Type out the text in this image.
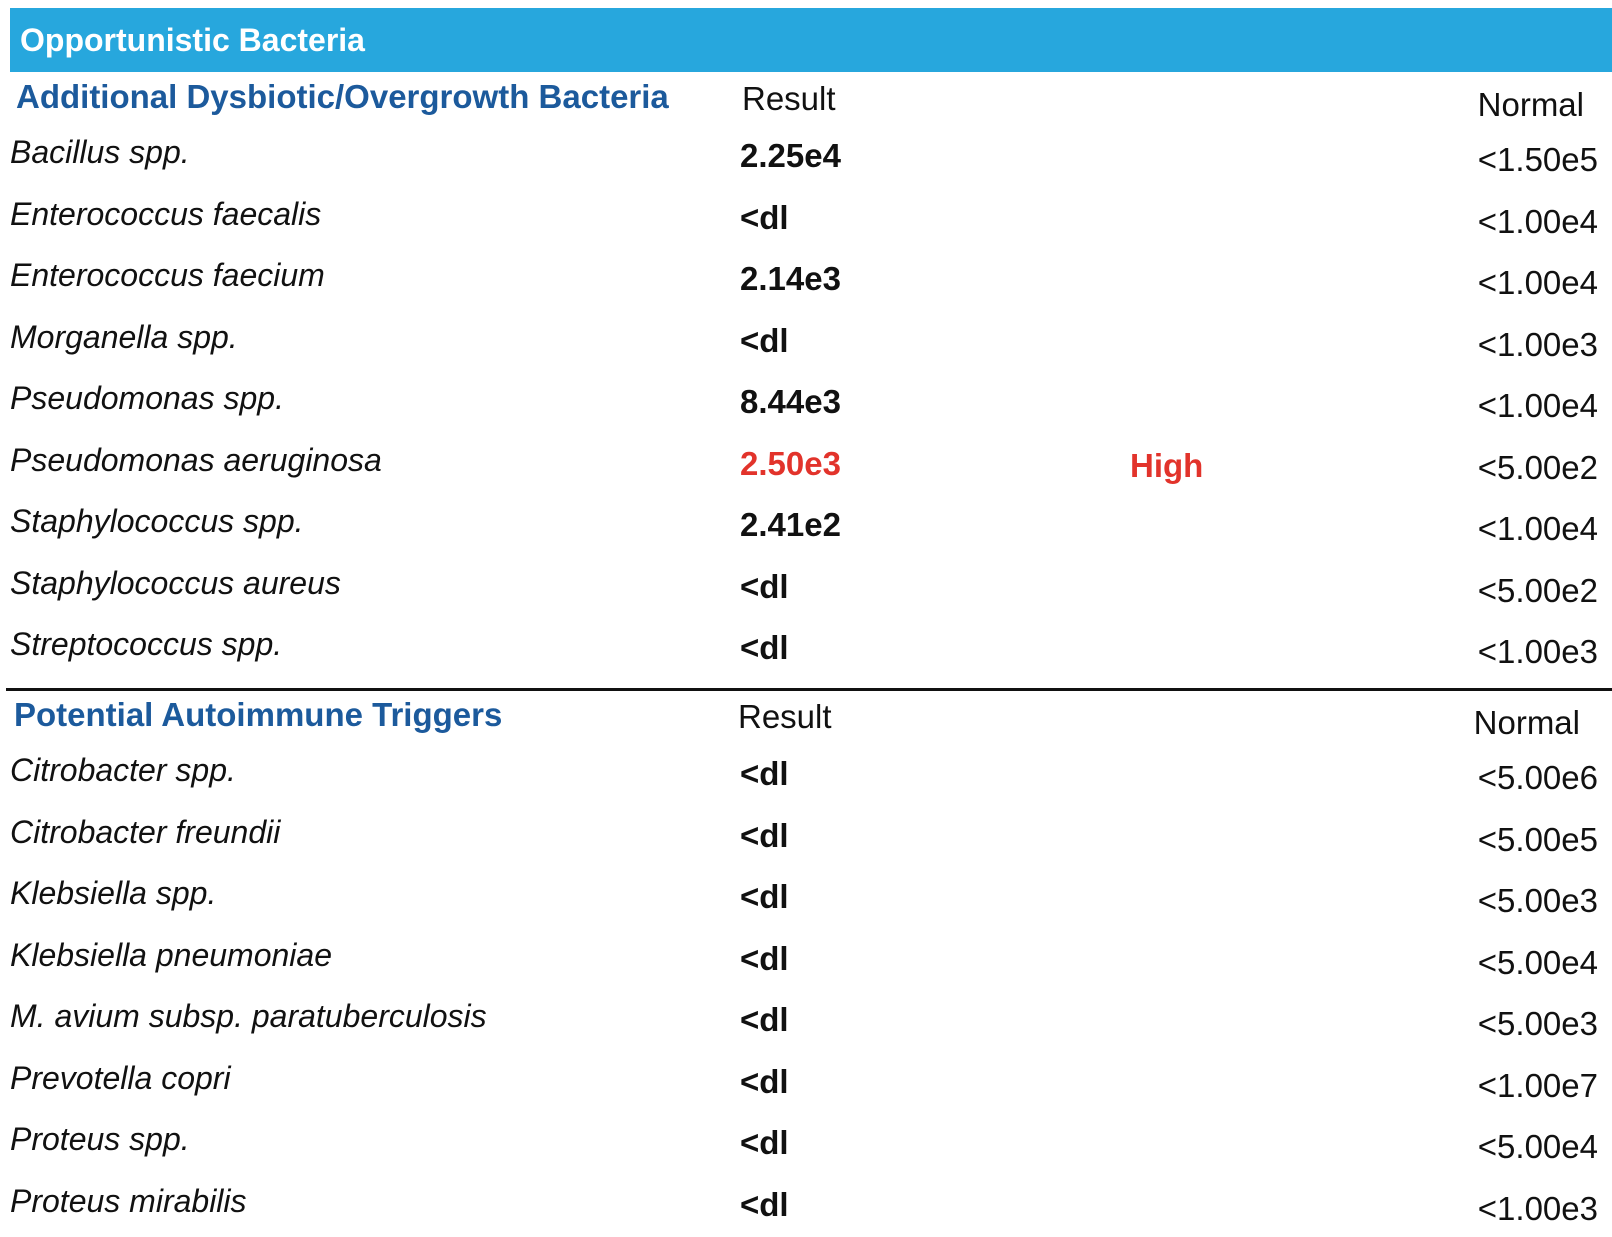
Opportunistic Bacteria
Additional Dysbiotic/Overgrowth Bacteria Result	Normal
Bacillus spp.	2.25e4	<1.50e5
Enterococcus faecalis	<dl	<1.00e4
Enterococcus faecium	2.14e3	<1.00e4
Morganella spp.	<dl	<1.00e3
Pseudomonas spp.	8.44e3	<1.00e4
Pseudomonas aeruginosa	2.50e3	High	<5.00e2
Staphylococcus spp.	2.41e2	<1.00e4
Staphylococcus aureus	<dl	<5.00e2
Streptococcus spp.	<dl	<1.00e3
Potential Autoimmune Triggers	Result	Normal
Citrobacter spp.	<dl	<5.00e6
Citrobacter freundii	<dl	<5.00e5
Klebsiella spp.	<dl	<5.00e3
Klebsiella pneumoniae	<dl	<5.00e4
M. avium subsp. paratuberculosis	<dl	<5.00e3
Prevotella copri	<dl	<1.00e7
Proteus spp.	<dl	<5.00e4
Proteus mirabilis	<dl	<1.00e3
